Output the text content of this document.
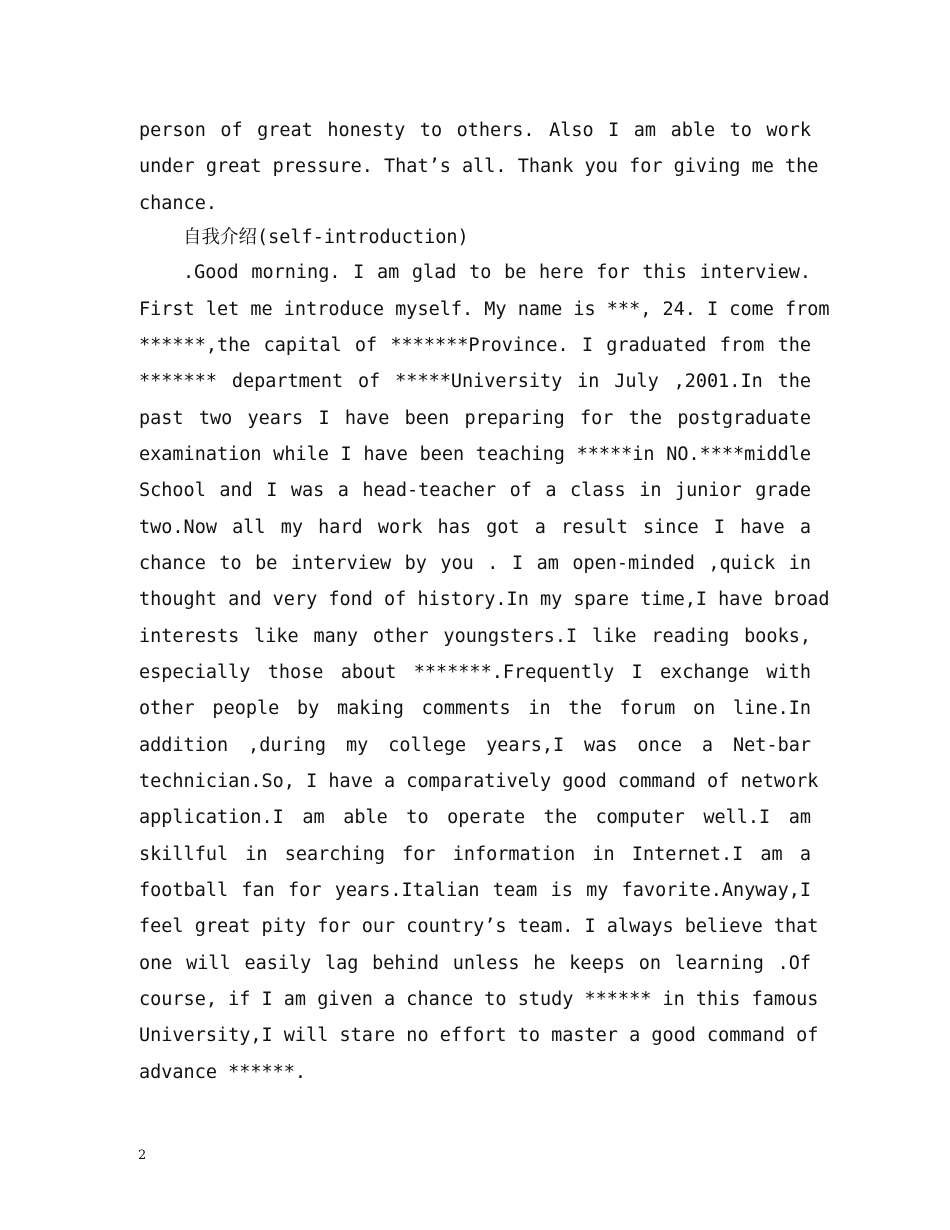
person of great honesty to others. Also I am able to work
under great pressure. That’s all. Thank you for giving me the
chance.
自我介绍(self-introduction)
.Good morning. I am glad to be here for this interview.
First let me introduce myself. My name is ***, 24. I come from
******,the capital of *******Province. I graduated from the
******* department of *****University in July ,2001.In the
past two years I have been preparing for the postgraduate
examination while I have been teaching *****in NO.****middle
School and I was a head-teacher of a class in junior grade
two.Now all my hard work has got a result since I have a
chance to be interview by you . I am open-minded ,quick in
thought and very fond of history.In my spare time,I have broad
interests like many other youngsters.I like reading books,
especially those about *******.Frequently I exchange with
other people by making comments in the forum on line.In
addition ,during my college years,I was once a Net-bar
technician.So, I have a comparatively good command of network
application.I am able to operate the computer well.I am
skillful in searching for information in Internet.I am a
football fan for years.Italian team is my favorite.Anyway,I
feel great pity for our country’s team. I always believe that
one will easily lag behind unless he keeps on learning .Of
course, if I am given a chance to study ****** in this famous
University,I will stare no effort to master a good command of
advance ******.
2
